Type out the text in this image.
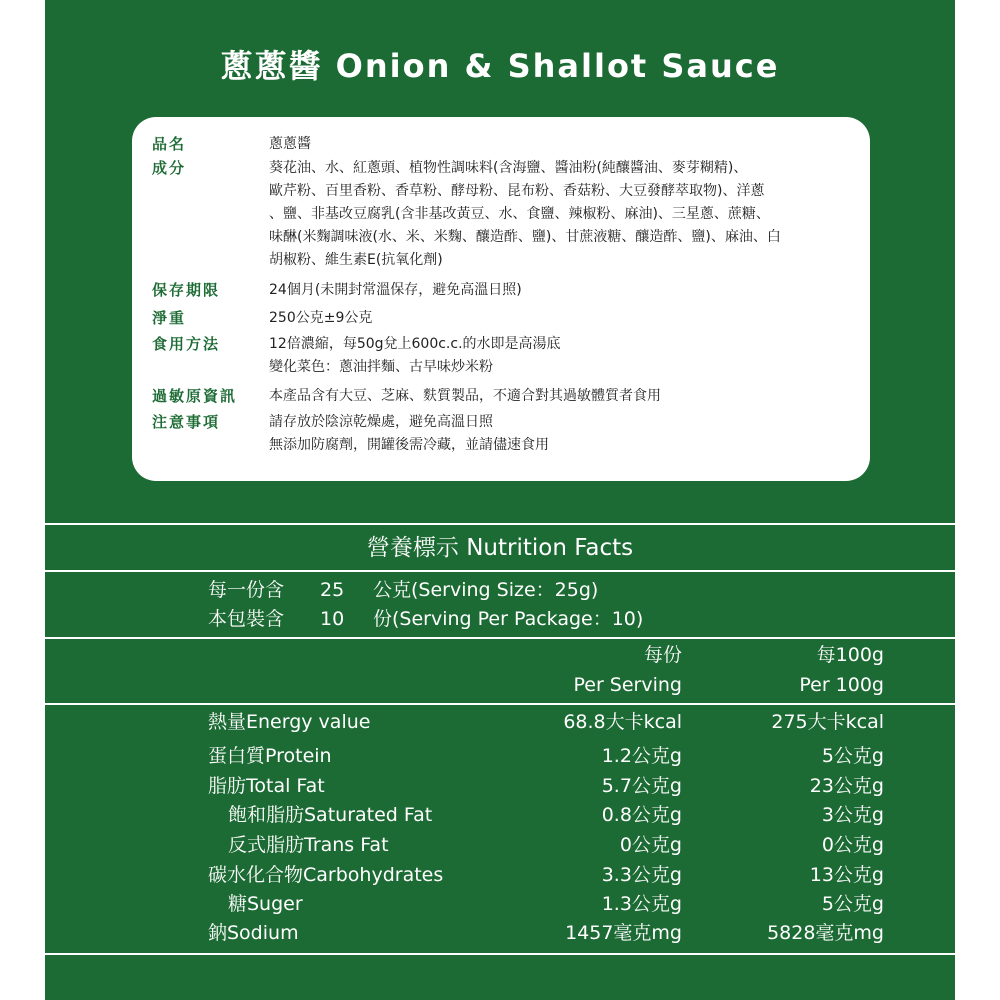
蔥蔥醬 Onion & Shallot Sauce
品名	蔥蔥醬
成分	葵花油、水、紅蔥頭、植物性調味料(含海鹽、醬油粉(純釀醬油、麥芽糊精)、
歐芹粉、百里香粉、香草粉、酵母粉、昆布粉、香菇粉、大豆發酵萃取物)、洋蔥
、鹽、非基改豆腐乳(含非基改黃豆、水、食鹽、辣椒粉、麻油)、三星蔥、蔗糖、
味醂(米麴調味液(水、米、米麴、釀造酢、鹽)、甘蔗液糖、釀造酢、鹽)、麻油、白
胡椒粉、維生素E(抗氧化劑)
保存期限	24個月(未開封常溫保存，避免高溫日照)
淨重	250公克±9公克
食用方法	12倍濃縮，每50g兌上600c.c.的水即是高湯底
變化菜色：蔥油拌麵、古早味炒米粉
過敏原資訊 本產品含有大豆、芝麻、麩質製品，不適合對其過敏體質者食用
注意事項	請存放於陰涼乾燥處，避免高溫日照
無添加防腐劑，開罐後需冷藏，並請儘速食用
營養標示 Nutrition Facts
每一份含 25 公克(Serving Size：25g)
本包裝含 10 份(Serving Per Package：10)
每份
Per Serving
每100g
Per 100g
熱量Energy value	68.8大卡kcal	275大卡kcal
蛋白質Protein	1.2公克g	5公克g
脂肪Total Fat	5.7公克g	23公克g
飽和脂肪Saturated Fat	0.8公克g	3公克g
反式脂肪Trans Fat	0公克g	0公克g
碳水化合物Carbohydrates	3.3公克g	13公克g
糖Suger	1.3公克g	5公克g
鈉Sodium	1457毫克mg	5828毫克mg
